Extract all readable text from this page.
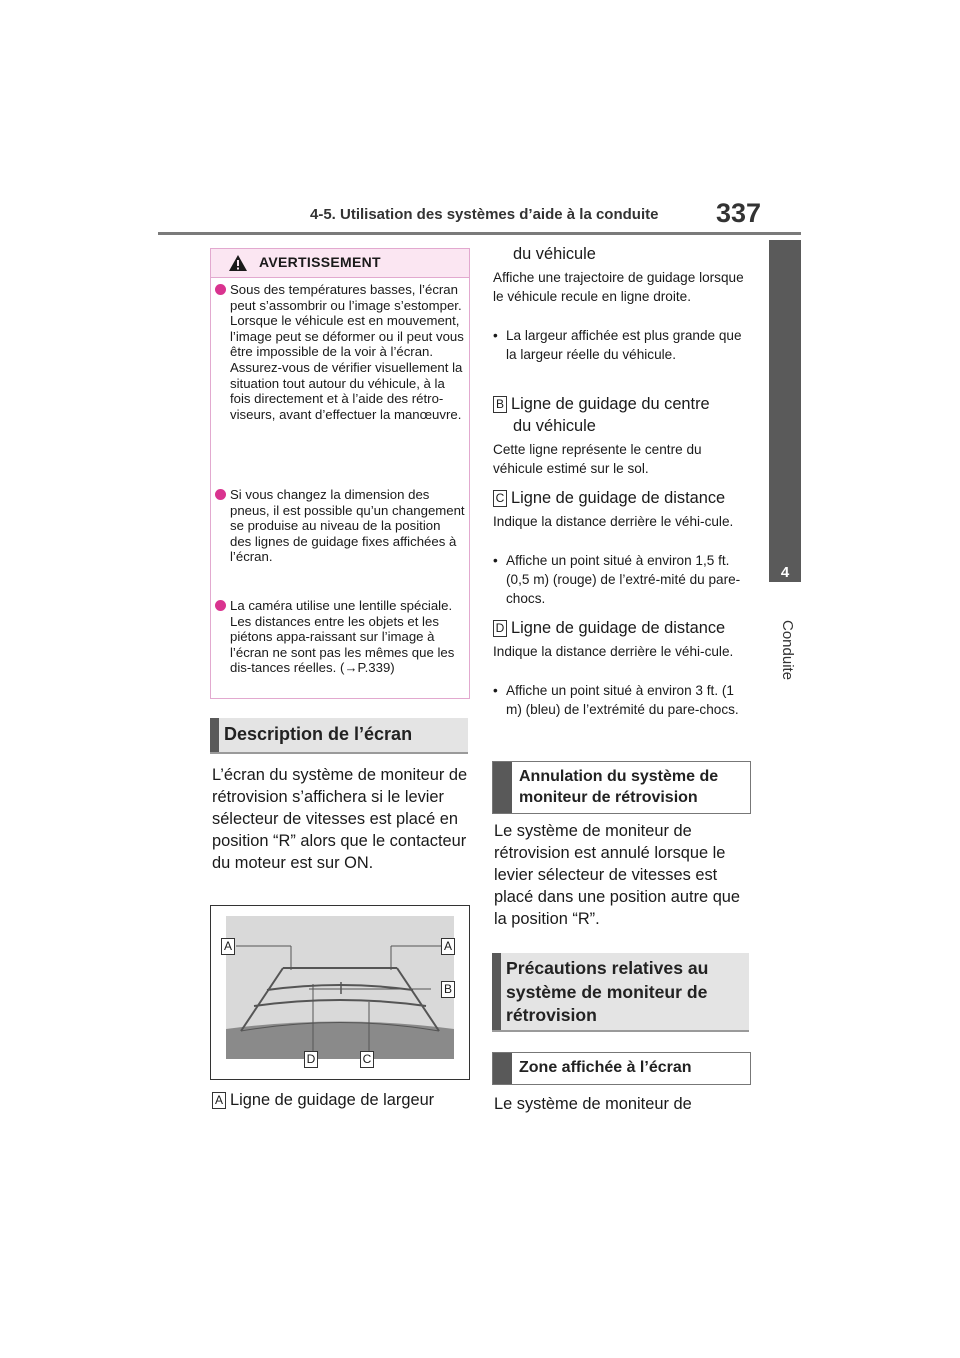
4-5. Utilisation des systèmes d’aide à la conduite 337
4
Conduite
AVERTISSEMENT
Sous des températures basses, l’écran peut s’assombrir ou l’image s’estomper. Lorsque le véhicule est en mouvement, l’image peut se déformer ou il peut vous être impossible de la voir à l’écran. Assurez-vous de vérifier visuellement la situation tout autour du véhicule, à la fois directement et à l’aide des rétro-viseurs, avant d’effectuer la manœuvre.
Si vous changez la dimension des pneus, il est possible qu’un changement se produise au niveau de la position des lignes de guidage fixes affichées à l’écran.
La caméra utilise une lentille spéciale. Les distances entre les objets et les piétons appa-raissant sur l’image à l’écran ne sont pas les mêmes que les dis-tances réelles. (→P.339)
Description de l’écran
L’écran du système de moniteur de rétrovision s’affichera si le levier sélecteur de vitesses est placé en position “R” alors que le contacteur du moteur est sur ON.
A	A
B
D	C
A Ligne de guidage de largeur
du véhicule
Affiche une trajectoire de guidage lorsque le véhicule recule en ligne droite.
• La largeur affichée est plus grande que la largeur réelle du véhicule.
B Ligne de guidage du centre
du véhicule
Cette ligne représente le centre du véhicule estimé sur le sol.
C Ligne de guidage de distance
Indique la distance derrière le véhi-cule.
• Affiche un point situé à environ 1,5 ft. (0,5 m) (rouge) de l’extré-mité du pare-chocs.
D Ligne de guidage de distance
Indique la distance derrière le véhi-cule.
• Affiche un point situé à environ 3 ft. (1 m) (bleu) de l’extrémité du pare-chocs.
Annulation du système de moniteur de rétrovision
Le système de moniteur de rétrovision est annulé lorsque le levier sélecteur de vitesses est placé dans une position autre que la position “R”.
Précautions relatives au système de moniteur de rétrovision
Zone affichée à l’écran
Le système de moniteur de
